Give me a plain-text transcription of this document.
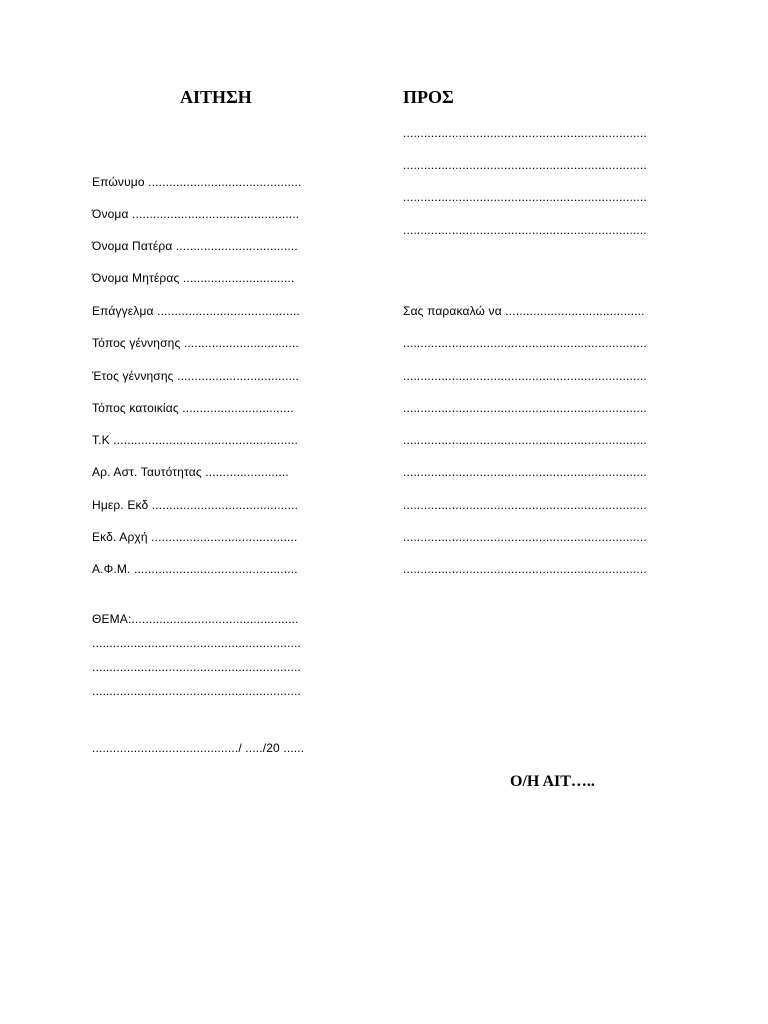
ΑΙΤΗΣΗ	ΠΡΟΣ
......................................................................
......................................................................
......................................................................
......................................................................
Επώνυμο ............................................
Όνομα ................................................
Όνομα Πατέρα ...................................
Όνομα Μητέρας ................................
Επάγγελμα .........................................
Τόπος γέννησης .................................
Έτος γέννησης ...................................
Τόπος κατοικίας ................................
Τ.Κ .....................................................
Αρ. Αστ. Ταυτότητας ........................
Ημερ. Εκδ ..........................................
Εκδ. Αρχή ..........................................
Α.Φ.Μ. ...............................................
Σας παρακαλώ να ........................................
......................................................................
......................................................................
......................................................................
......................................................................
......................................................................
......................................................................
......................................................................
......................................................................
ΘΕΜΑ:................................................
............................................................
............................................................
............................................................
........................................../ ...../20 ......
Ο/Η ΑΙΤ…..
